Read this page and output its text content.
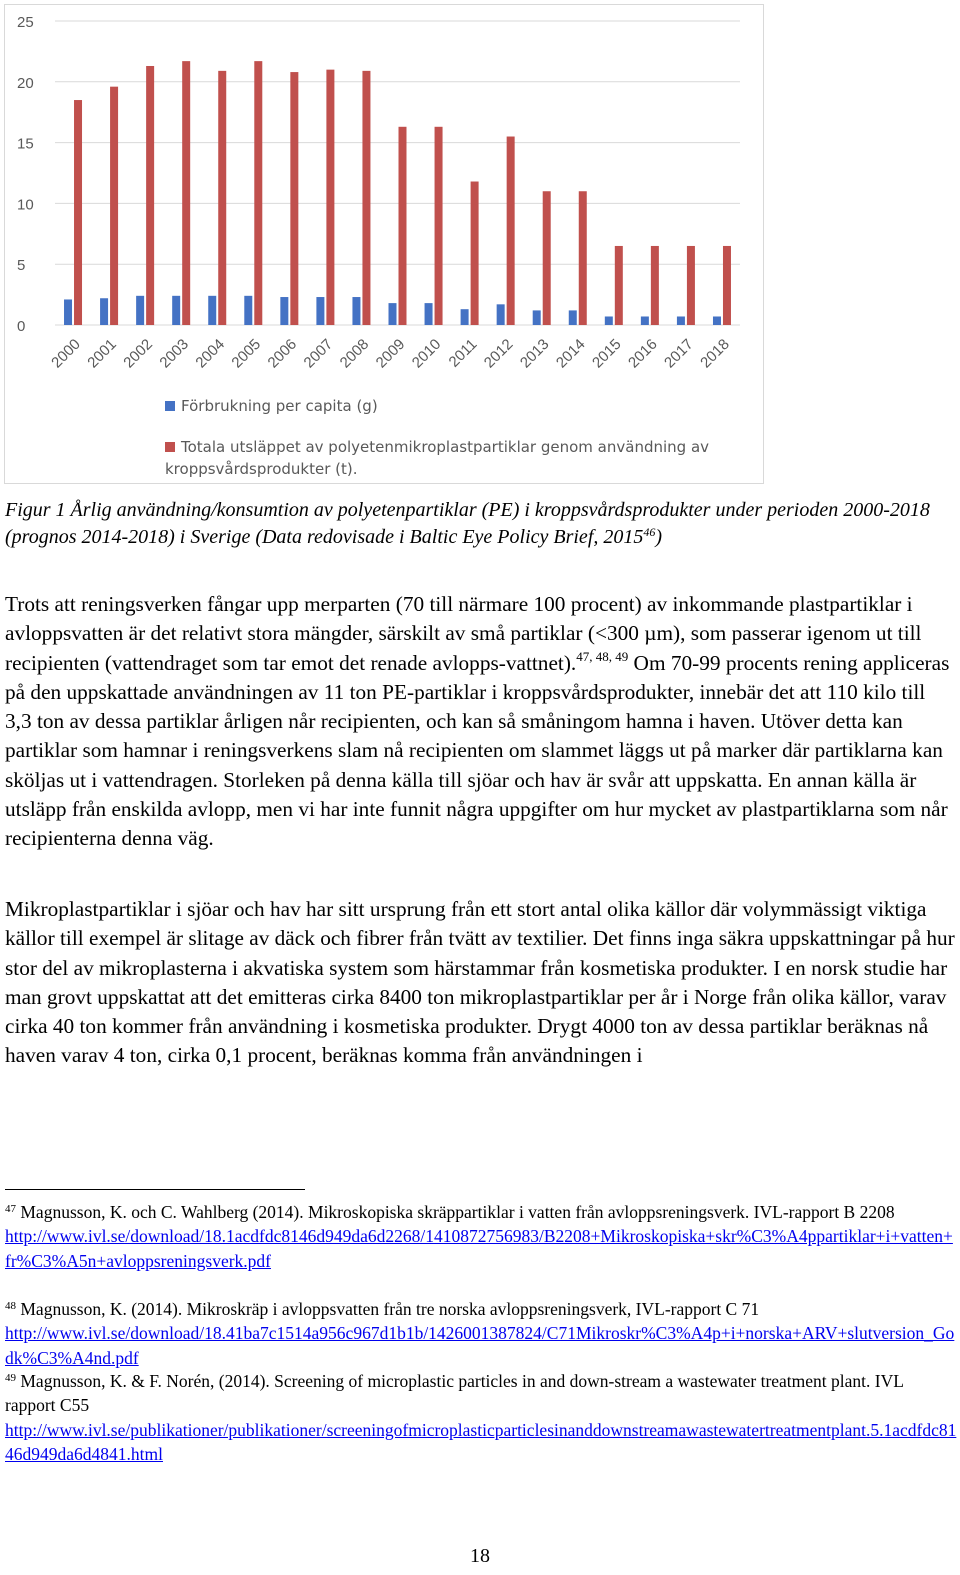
0
5
10
15
20
25
2000 2001 2002 2003 2004 2005 2006 2007 2008 2009 2010 2011 2012 2013 2014 2015 2016 2017 2018
Förbrukning per capita (g)
Totala utsläppet av polyetenmikroplastpartiklar genom användning av
kroppsvårdsprodukter (t).
Figur 1 Årlig användning/konsumtion av polyetenpartiklar (PE) i kroppsvårdsprodukter under perioden 2000-2018 (prognos 2014-2018) i Sverige (Data redovisade i Baltic Eye Policy Brief, 2015$^{46}$)

Trots att reningsverken fångar upp merparten (70 till närmare 100 procent) av inkommande plastpartiklar i avloppsvatten är det relativt stora mängder, särskilt av små partiklar (<300 µm), som passerar igenom ut till recipienten (vattendraget som tar emot det renade avlopps-vattnet).$^{47, 48, 49}$ Om 70-99 procents rening appliceras på den uppskattade användningen av 11 ton PE-partiklar i kroppsvårdsprodukter, innebär det att 110 kilo till 3,3 ton av dessa partiklar årligen når recipienten, och kan så småningom hamna i haven. Utöver detta kan partiklar som hamnar i reningsverkens slam nå recipienten om slammet läggs ut på marker där partiklarna kan sköljas ut i vattendragen. Storleken på denna källa till sjöar och hav är svår att uppskatta. En annan källa är utsläpp från enskilda avlopp, men vi har inte funnit några uppgifter om hur mycket av plastpartiklarna som når recipienterna denna väg.

Mikroplastpartiklar i sjöar och hav har sitt ursprung från ett stort antal olika källor där volymmässigt viktiga källor till exempel är slitage av däck och fibrer från tvätt av textilier. Det finns inga säkra uppskattningar på hur stor del av mikroplasterna i akvatiska system som härstammar från kosmetiska produkter. I en norsk studie har man grovt uppskattat att det emitteras cirka 8400 ton mikroplastpartiklar per år i Norge från olika källor, varav cirka 40 ton kommer från användning i kosmetiska produkter. Drygt 4000 ton av dessa partiklar beräknas nå haven varav 4 ton, cirka 0,1 procent, beräknas komma från användningen i

$^{47}$ Magnusson, K. och C. Wahlberg (2014). Mikroskopiska skräppartiklar i vatten från avloppsreningsverk. IVL-rapport B 2208
http://www.ivl.se/download/18.1acdfdc8146d949da6d2268/1410872756983/B2208+Mikroskopiska+skr%C3%A4ppartiklar+i+vatten+fr%C3%A5n+avloppsreningsverk.pdf
$^{48}$ Magnusson, K. (2014). Mikroskräp i avloppsvatten från tre norska avloppsreningsverk, IVL-rapport C 71
http://www.ivl.se/download/18.41ba7c1514a956c967d1b1b/1426001387824/C71Mikroskr%C3%A4p+i+norska+ARV+slutversion_Godk%C3%A4nd.pdf
$^{49}$ Magnusson, K. & F. Norén, (2014). Screening of microplastic particles in and down-stream a wastewater treatment plant. IVL rapport C55
http://www.ivl.se/publikationer/publikationer/screeningofmicroplasticparticlesinanddownstreamawastewatertreatmentplant.5.1acdfdc8146d949da6d4841.html
18
